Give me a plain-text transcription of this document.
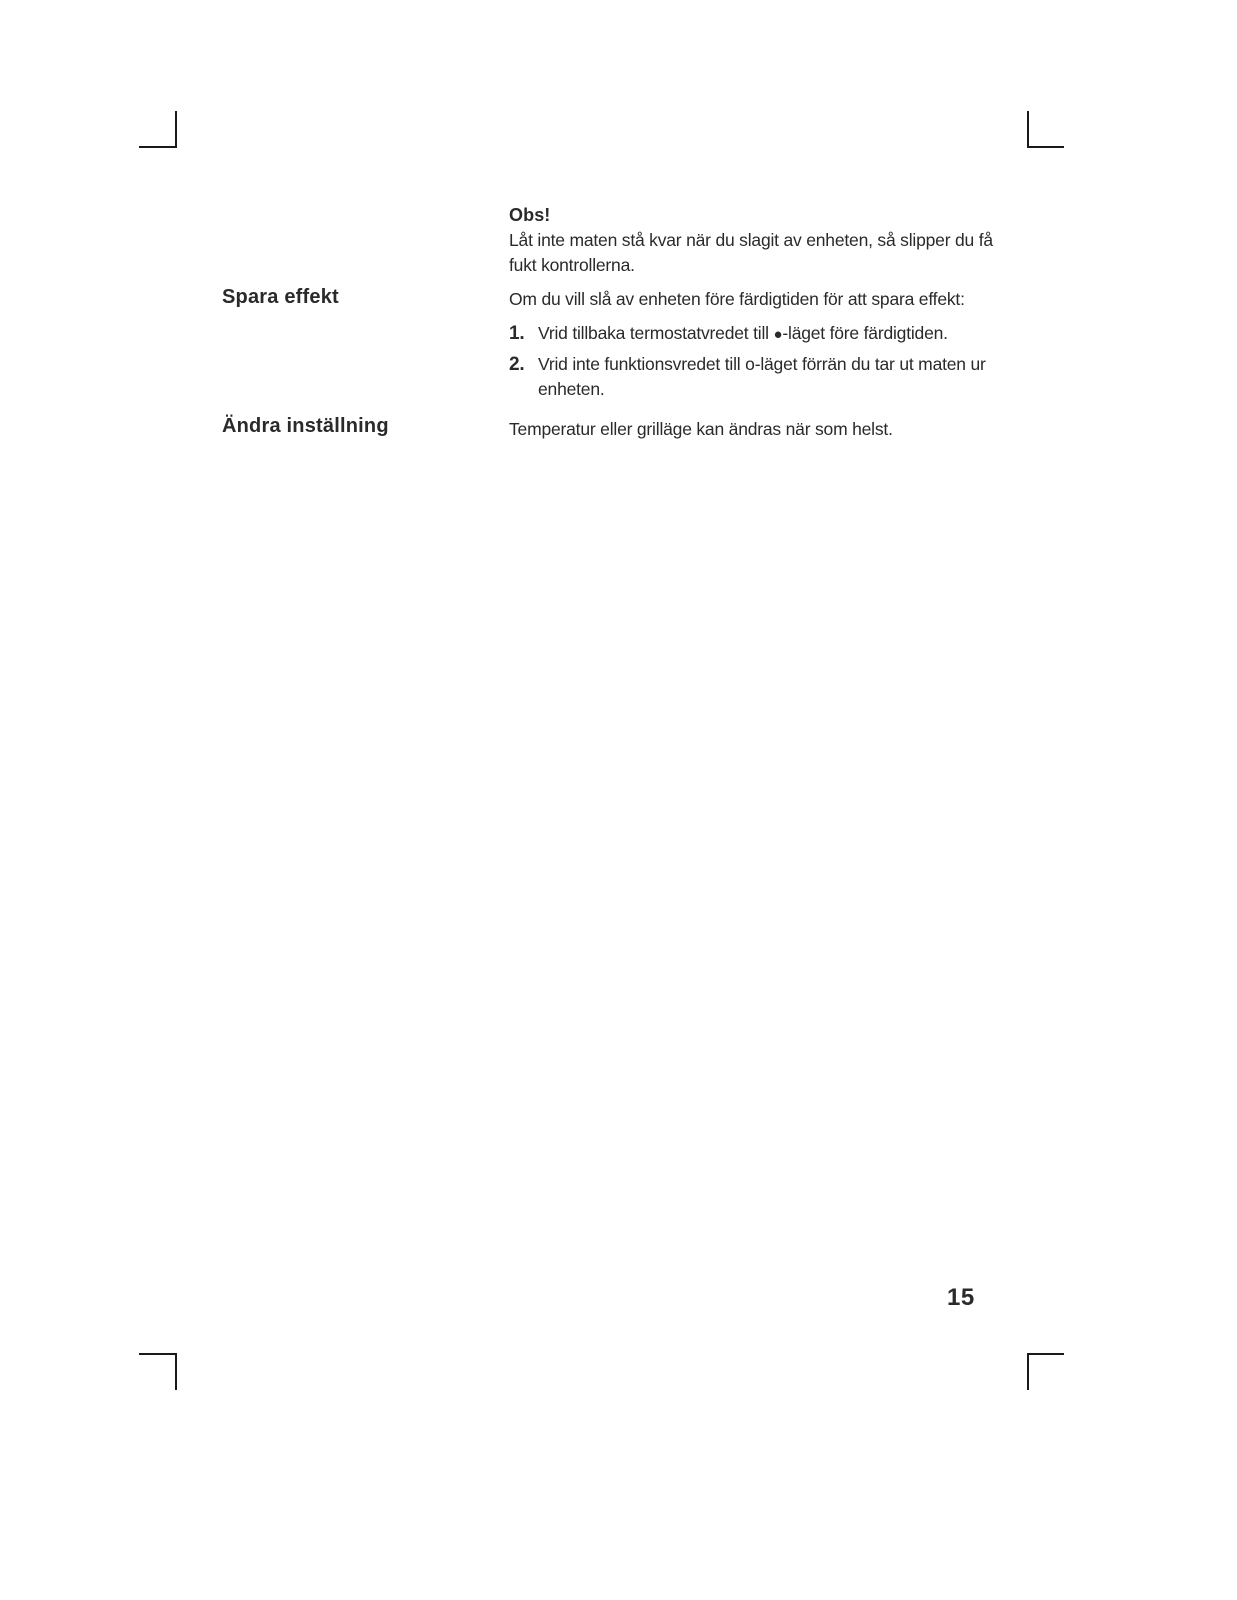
Obs!

Låt inte maten stå kvar när du slagit av enheten, så slipper du få fukt kontrollerna.

Spara effekt	Om du vill slå av enheten före färdigtiden för att spara effekt:

1. Vrid tillbaka termostatvredet till ●-läget före färdigtiden.
2. Vrid inte funktionsvredet till o-läget förrän du tar ut maten ur enheten.
Ändra inställning	Temperatur eller grilläge kan ändras när som helst.

15
